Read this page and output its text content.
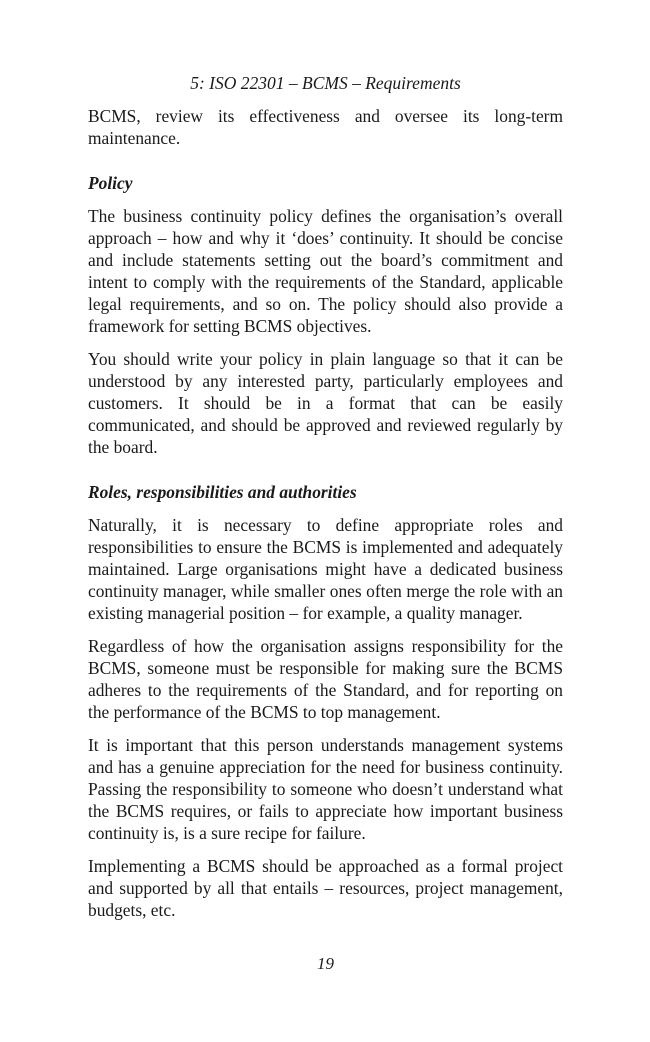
5: ISO 22301 – BCMS – Requirements

BCMS, review its effectiveness and oversee its long-term maintenance.

Policy

The business continuity policy defines the organisation’s overall approach – how and why it ‘does’ continuity. It should be concise and include statements setting out the board’s commitment and intent to comply with the requirements of the Standard, applicable legal requirements, and so on. The policy should also provide a framework for setting BCMS objectives.

You should write your policy in plain language so that it can be understood by any interested party, particularly employees and customers. It should be in a format that can be easily communicated, and should be approved and reviewed regularly by the board.

Roles, responsibilities and authorities

Naturally, it is necessary to define appropriate roles and responsibilities to ensure the BCMS is implemented and adequately maintained. Large organisations might have a dedicated business continuity manager, while smaller ones often merge the role with an existing managerial position – for example, a quality manager.

Regardless of how the organisation assigns responsibility for the BCMS, someone must be responsible for making sure the BCMS adheres to the requirements of the Standard, and for reporting on the performance of the BCMS to top management.

It is important that this person understands management systems and has a genuine appreciation for the need for business continuity. Passing the responsibility to someone who doesn’t understand what the BCMS requires, or fails to appreciate how important business continuity is, is a sure recipe for failure.

Implementing a BCMS should be approached as a formal project and supported by all that entails – resources, project management, budgets, etc.

19
